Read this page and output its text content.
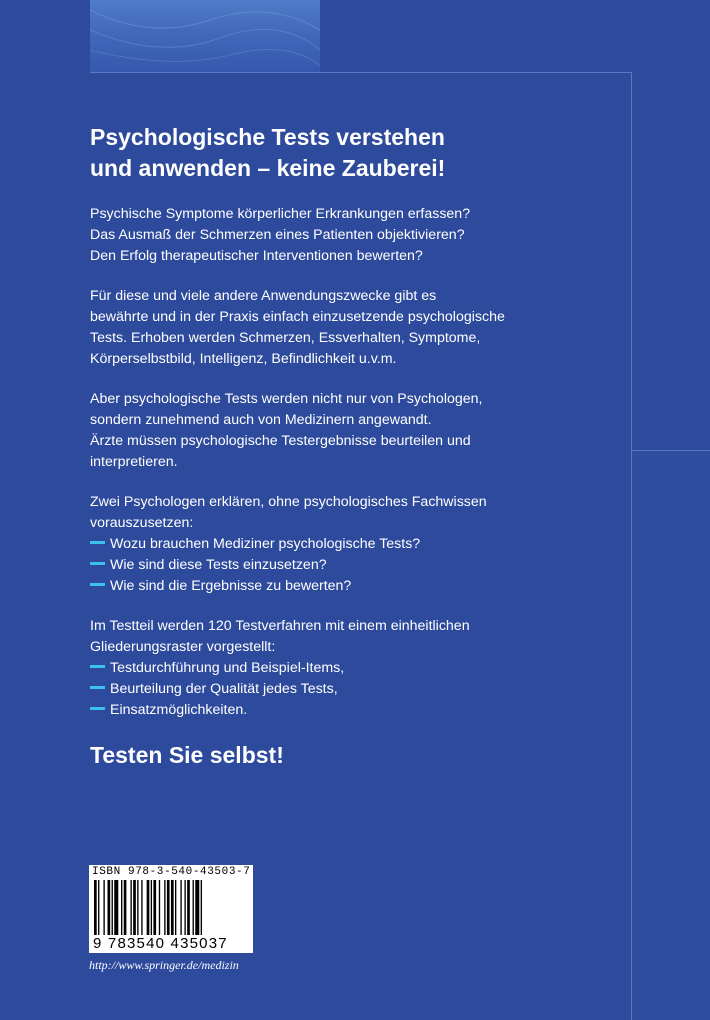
Psychologische Tests verstehen
und anwenden – keine Zauberei!

Psychische Symptome körperlicher Erkrankungen erfassen?
Das Ausmaß der Schmerzen eines Patienten objektivieren?
Den Erfolg therapeutischer Interventionen bewerten?

Für diese und viele andere Anwendungszwecke gibt es
bewährte und in der Praxis einfach einzusetzende psychologische
Tests. Erhoben werden Schmerzen, Essverhalten, Symptome,
Körperselbstbild, Intelligenz, Befindlichkeit u.v.m.

Aber psychologische Tests werden nicht nur von Psychologen,
sondern zunehmend auch von Medizinern angewandt.
Ärzte müssen psychologische Testergebnisse beurteilen und
interpretieren.

Zwei Psychologen erklären, ohne psychologisches Fachwissen
vorauszusetzen:
Wozu brauchen Mediziner psychologische Tests?
Wie sind diese Tests einzusetzen?
Wie sind die Ergebnisse zu bewerten?

Im Testteil werden 120 Testverfahren mit einem einheitlichen
Gliederungsraster vorgestellt:
Testdurchführung und Beispiel-Items,
Beurteilung der Qualität jedes Tests,
Einsatzmöglichkeiten.

Testen Sie selbst!
ISBN 978-3-540-43503-7
9 783540 435037
http://www.springer.de/medizin
